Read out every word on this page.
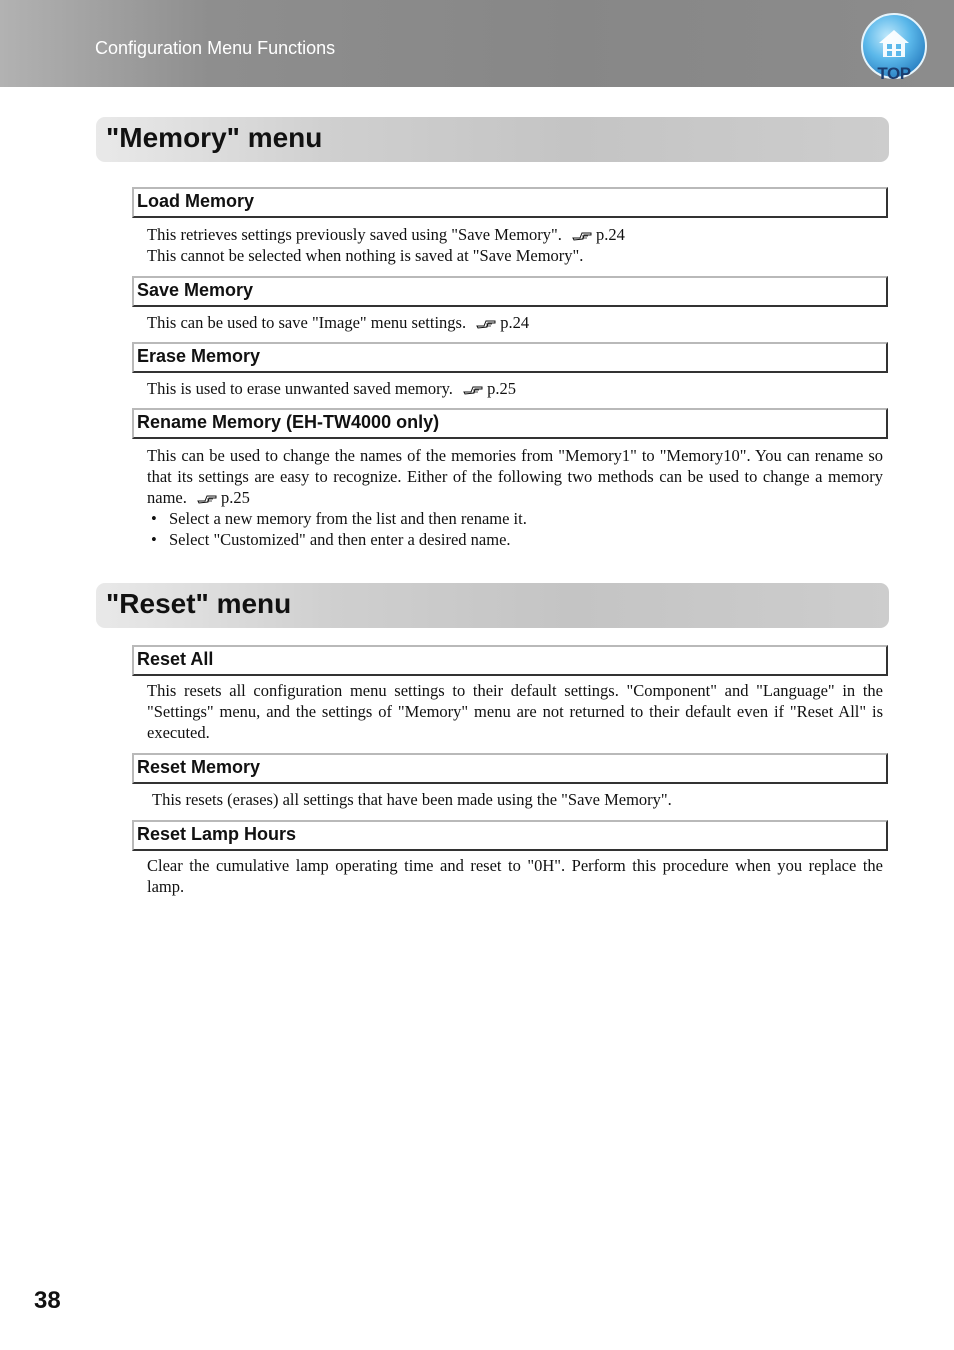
Configuration Menu Functions
TOP
"Memory" menu
Load Memory
This retrieves settings previously saved using "Save Memory". p.24
This cannot be selected when nothing is saved at "Save Memory".
Save Memory
This can be used to save "Image" menu settings. p.24
Erase Memory
This is used to erase unwanted saved memory. p.25
Rename Memory (EH-TW4000 only)
This can be used to change the names of the memories from "Memory1" to "Memory10". You can rename so that its settings are easy to recognize. Either of the following two methods can be used to change a memory name. p.25
• Select a new memory from the list and then rename it.
• Select "Customized" and then enter a desired name.
"Reset" menu
Reset All
This resets all configuration menu settings to their default settings. "Component" and "Language" in the "Settings" menu, and the settings of "Memory" menu are not returned to their default even if "Reset All" is executed.
Reset Memory
This resets (erases) all settings that have been made using the "Save Memory".
Reset Lamp Hours
Clear the cumulative lamp operating time and reset to "0H". Perform this procedure when you replace the lamp.
38
